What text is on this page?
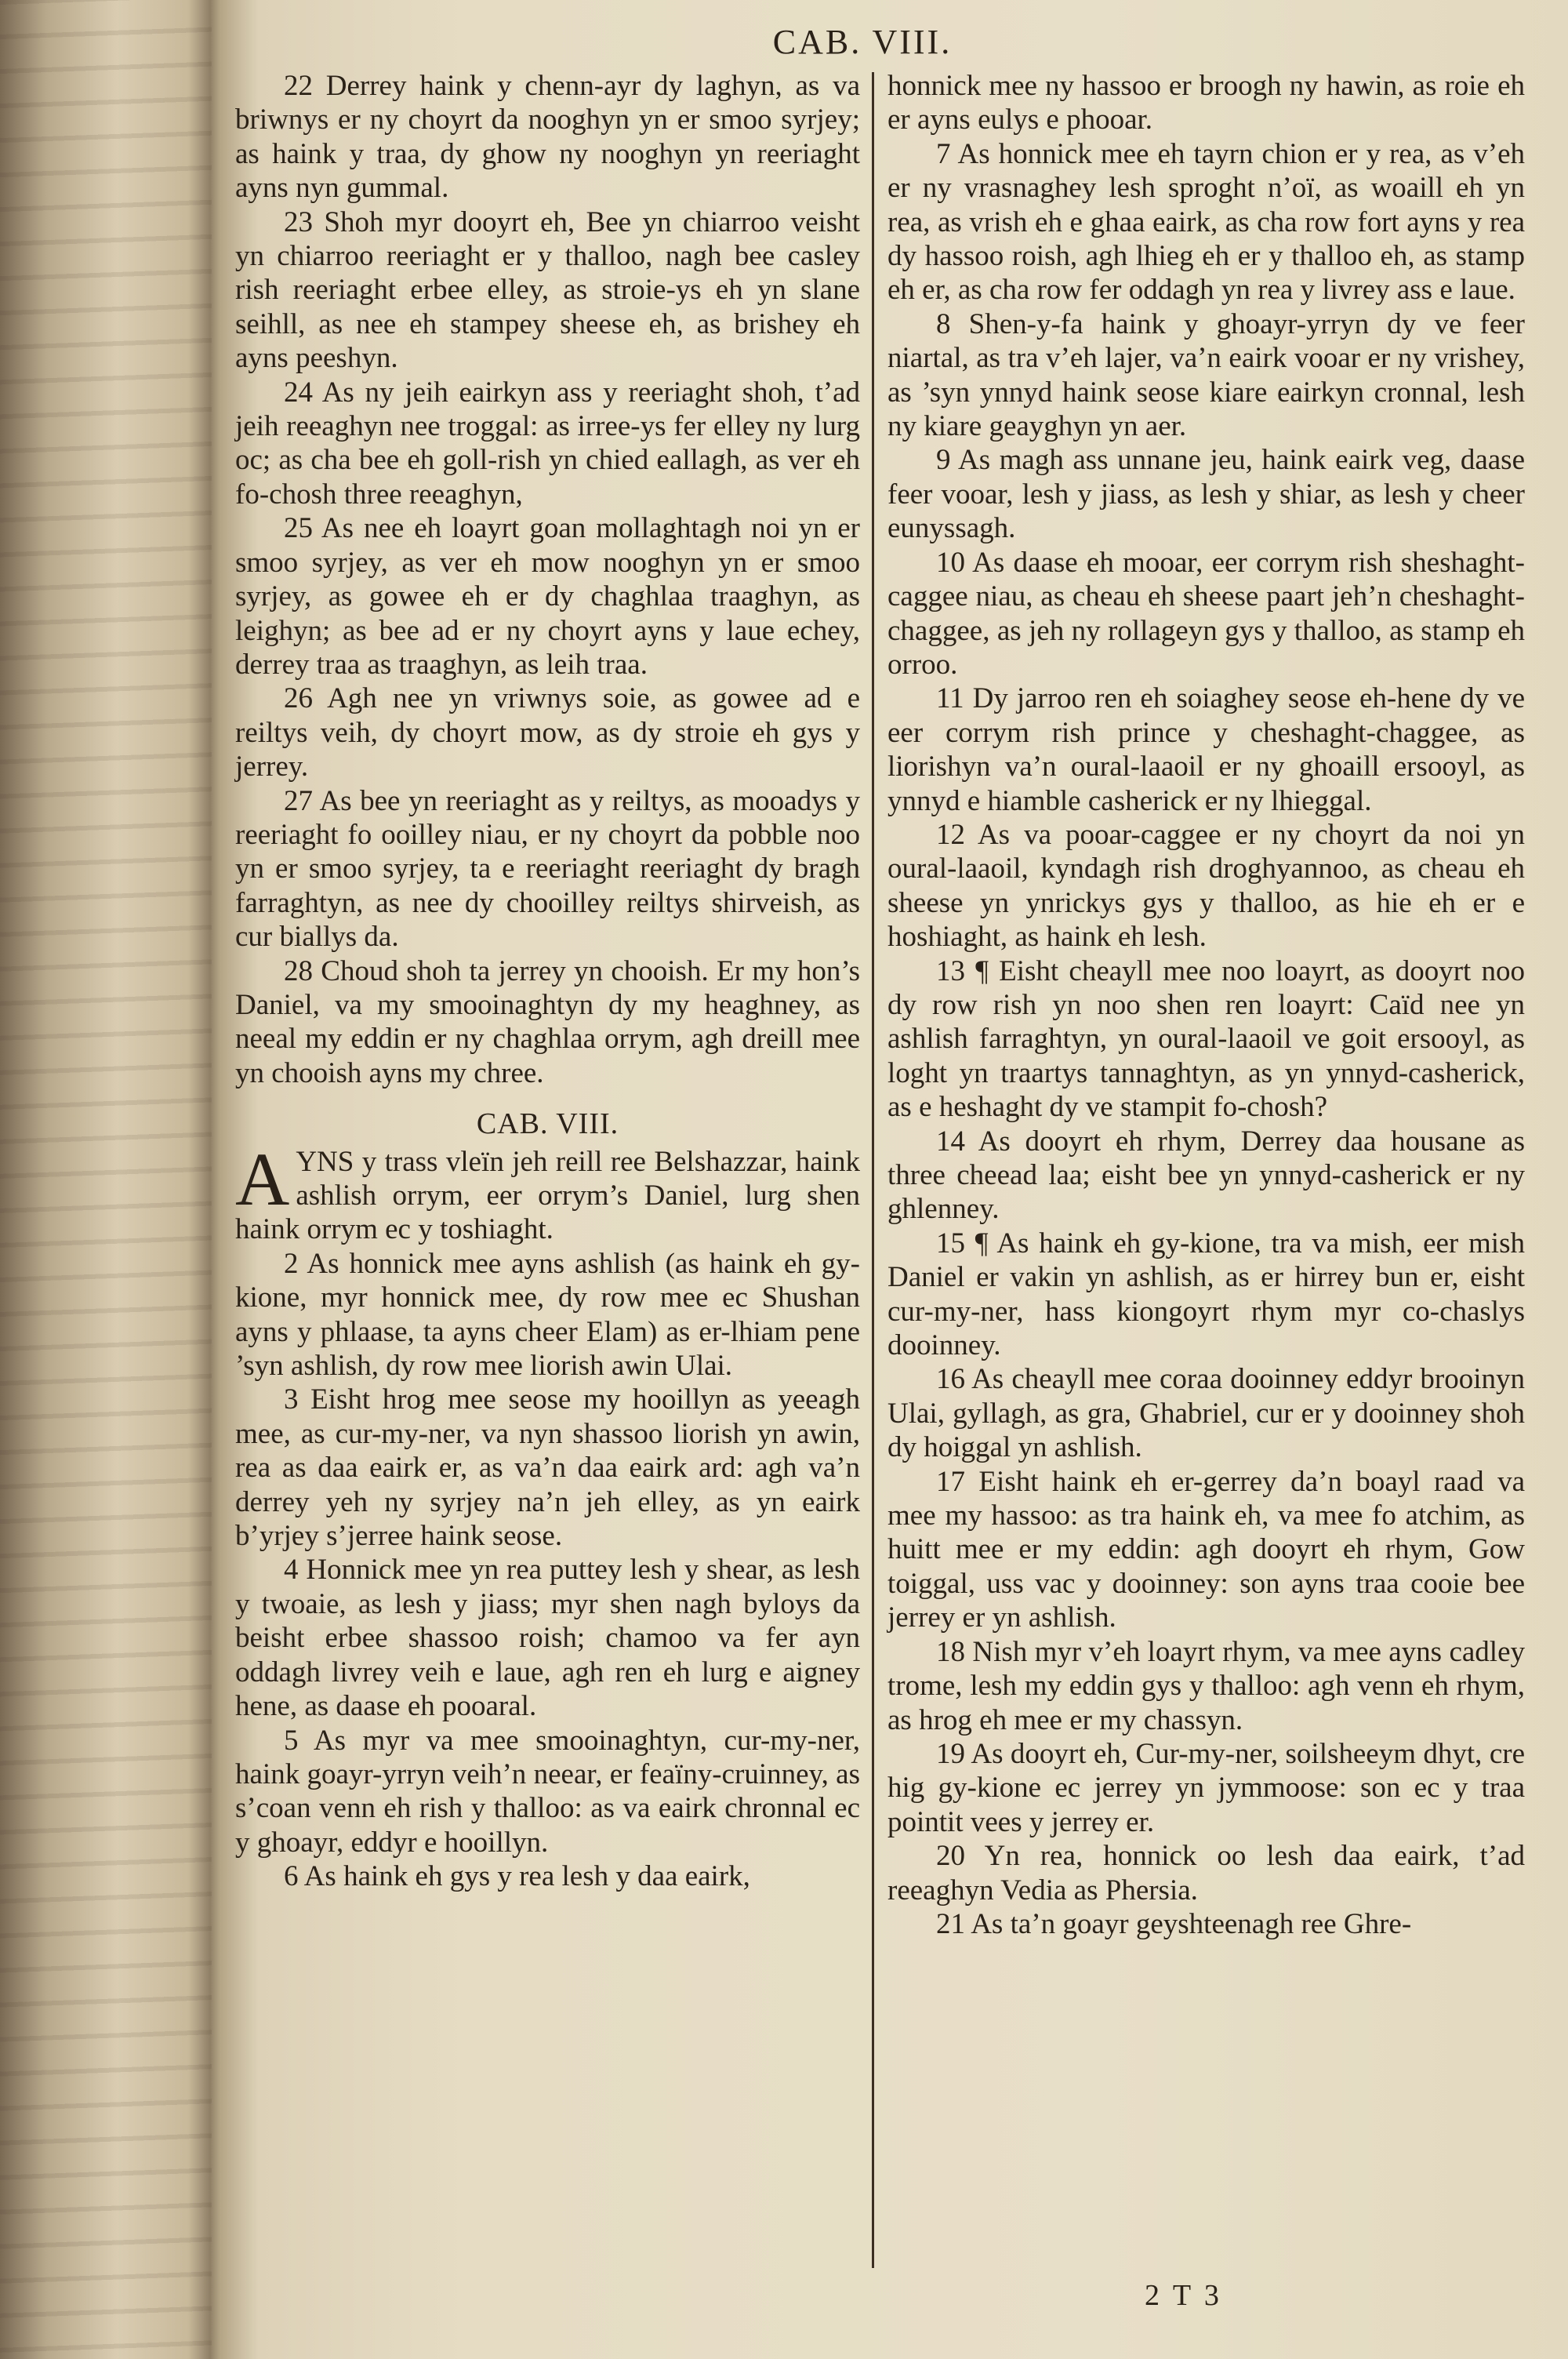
CAB. VIII.

22 Derrey haink y chenn-ayr dy laghyn, as va briwnys er ny choyrt da nooghyn yn er smoo syrjey; as haink y traa, dy ghow ny nooghyn yn reeriaght ayns nyn gummal.

23 Shoh myr dooyrt eh, Bee yn chiarroo veisht yn chiarroo reeriaght er y thalloo, nagh bee casley rish reeriaght erbee elley, as stroie-ys eh yn slane seihll, as nee eh stampey sheese eh, as brishey eh ayns peeshyn.

24 As ny jeih eairkyn ass y reeriaght shoh, t’ad jeih reeaghyn nee troggal: as irree-ys fer elley ny lurg oc; as cha bee eh goll-rish yn chied eallagh, as ver eh fo-chosh three reeaghyn,

25 As nee eh loayrt goan mollaghtagh noi yn er smoo syrjey, as ver eh mow nooghyn yn er smoo syrjey, as gowee eh er dy chaghlaa traaghyn, as leighyn; as bee ad er ny choyrt ayns y laue echey, derrey traa as traaghyn, as leih traa.

26 Agh nee yn vriwnys soie, as gowee ad e reiltys veih, dy choyrt mow, as dy stroie eh gys y jerrey.

27 As bee yn reeriaght as y reiltys, as mooadys y reeriaght fo ooilley niau, er ny choyrt da pobble noo yn er smoo syrjey, ta e reeriaght reeriaght dy bragh farraghtyn, as nee dy chooilley reiltys shirveish, as cur biallys da.

28 Choud shoh ta jerrey yn chooish. Er my hon’s Daniel, va my smooinaghtyn dy my heaghney, as neeal my eddin er ny chaghlaa orrym, agh dreill mee yn chooish ayns my chree.

CAB. VIII.

AYNS y trass vleïn jeh reill ree Belshazzar, haink ashlish orrym, eer orrym’s Daniel, lurg shen haink orrym ec y toshiaght.

2 As honnick mee ayns ashlish (as haink eh gy-kione, myr honnick mee, dy row mee ec Shushan ayns y phlaase, ta ayns cheer Elam) as er-lhiam pene ’syn ashlish, dy row mee liorish awin Ulai.

3 Eisht hrog mee seose my hooillyn as yeeagh mee, as cur-my-ner, va nyn shassoo liorish yn awin, rea as daa eairk er, as va’n daa eairk ard: agh va’n derrey yeh ny syrjey na’n jeh elley, as yn eairk b’yrjey s’jerree haink seose.

4 Honnick mee yn rea puttey lesh y shear, as lesh y twoaie, as lesh y jiass; myr shen nagh byloys da beisht erbee shassoo roish; chamoo va fer ayn oddagh livrey veih e laue, agh ren eh lurg e aigney hene, as daase eh pooaral.

5 As myr va mee smooinaghtyn, cur-my-ner, haink goayr-yrryn veih’n neear, er feaïny-cruinney, as s’coan venn eh rish y thalloo: as va eairk chronnal ec y ghoayr, eddyr e hooillyn.

6 As haink eh gys y rea lesh y daa eairk,

honnick mee ny hassoo er broogh ny hawin, as roie eh er ayns eulys e phooar.

7 As honnick mee eh tayrn chion er y rea, as v’eh er ny vrasnaghey lesh sproght n’oï, as woaill eh yn rea, as vrish eh e ghaa eairk, as cha row fort ayns y rea dy hassoo roish, agh lhieg eh er y thalloo eh, as stamp eh er, as cha row fer oddagh yn rea y livrey ass e laue.

8 Shen-y-fa haink y ghoayr-yrryn dy ve feer niartal, as tra v’eh lajer, va’n eairk vooar er ny vrishey, as ’syn ynnyd haink seose kiare eairkyn cronnal, lesh ny kiare geayghyn yn aer.

9 As magh ass unnane jeu, haink eairk veg, daase feer vooar, lesh y jiass, as lesh y shiar, as lesh y cheer eunyssagh.

10 As daase eh mooar, eer corrym rish sheshaght-caggee niau, as cheau eh sheese paart jeh’n cheshaght-chaggee, as jeh ny rollageyn gys y thalloo, as stamp eh orroo.

11 Dy jarroo ren eh soiaghey seose eh-hene dy ve eer corrym rish prince y cheshaght-chaggee, as liorishyn va’n oural-laaoil er ny ghoaill ersooyl, as ynnyd e hiamble casherick er ny lhieggal.

12 As va pooar-caggee er ny choyrt da noi yn oural-laaoil, kyndagh rish droghyannoo, as cheau eh sheese yn ynrickys gys y thalloo, as hie eh er e hoshiaght, as haink eh lesh.

13 ¶ Eisht cheayll mee noo loayrt, as dooyrt noo dy row rish yn noo shen ren loayrt: Caïd nee yn ashlish farraghtyn, yn oural-laaoil ve goit ersooyl, as loght yn traartys tannaghtyn, as yn ynnyd-casherick, as e heshaght dy ve stampit fo-chosh?

14 As dooyrt eh rhym, Derrey daa housane as three cheead laa; eisht bee yn ynnyd-casherick er ny ghlenney.

15 ¶ As haink eh gy-kione, tra va mish, eer mish Daniel er vakin yn ashlish, as er hirrey bun er, eisht cur-my-ner, hass kiongoyrt rhym myr co-chaslys dooinney.

16 As cheayll mee coraa dooinney eddyr brooinyn Ulai, gyllagh, as gra, Ghabriel, cur er y dooinney shoh dy hoiggal yn ashlish.

17 Eisht haink eh er-gerrey da’n boayl raad va mee my hassoo: as tra haink eh, va mee fo atchim, as huitt mee er my eddin: agh dooyrt eh rhym, Gow toiggal, uss vac y dooinney: son ayns traa cooie bee jerrey er yn ashlish.

18 Nish myr v’eh loayrt rhym, va mee ayns cadley trome, lesh my eddin gys y thalloo: agh venn eh rhym, as hrog eh mee er my chassyn.

19 As dooyrt eh, Cur-my-ner, soilsheeym dhyt, cre hig gy-kione ec jerrey yn jymmoose: son ec y traa pointit vees y jerrey er.

20 Yn rea, honnick oo lesh daa eairk, t’ad reeaghyn Vedia as Phersia.

21 As ta’n goayr geyshteenagh ree Ghre-

2 T 3
